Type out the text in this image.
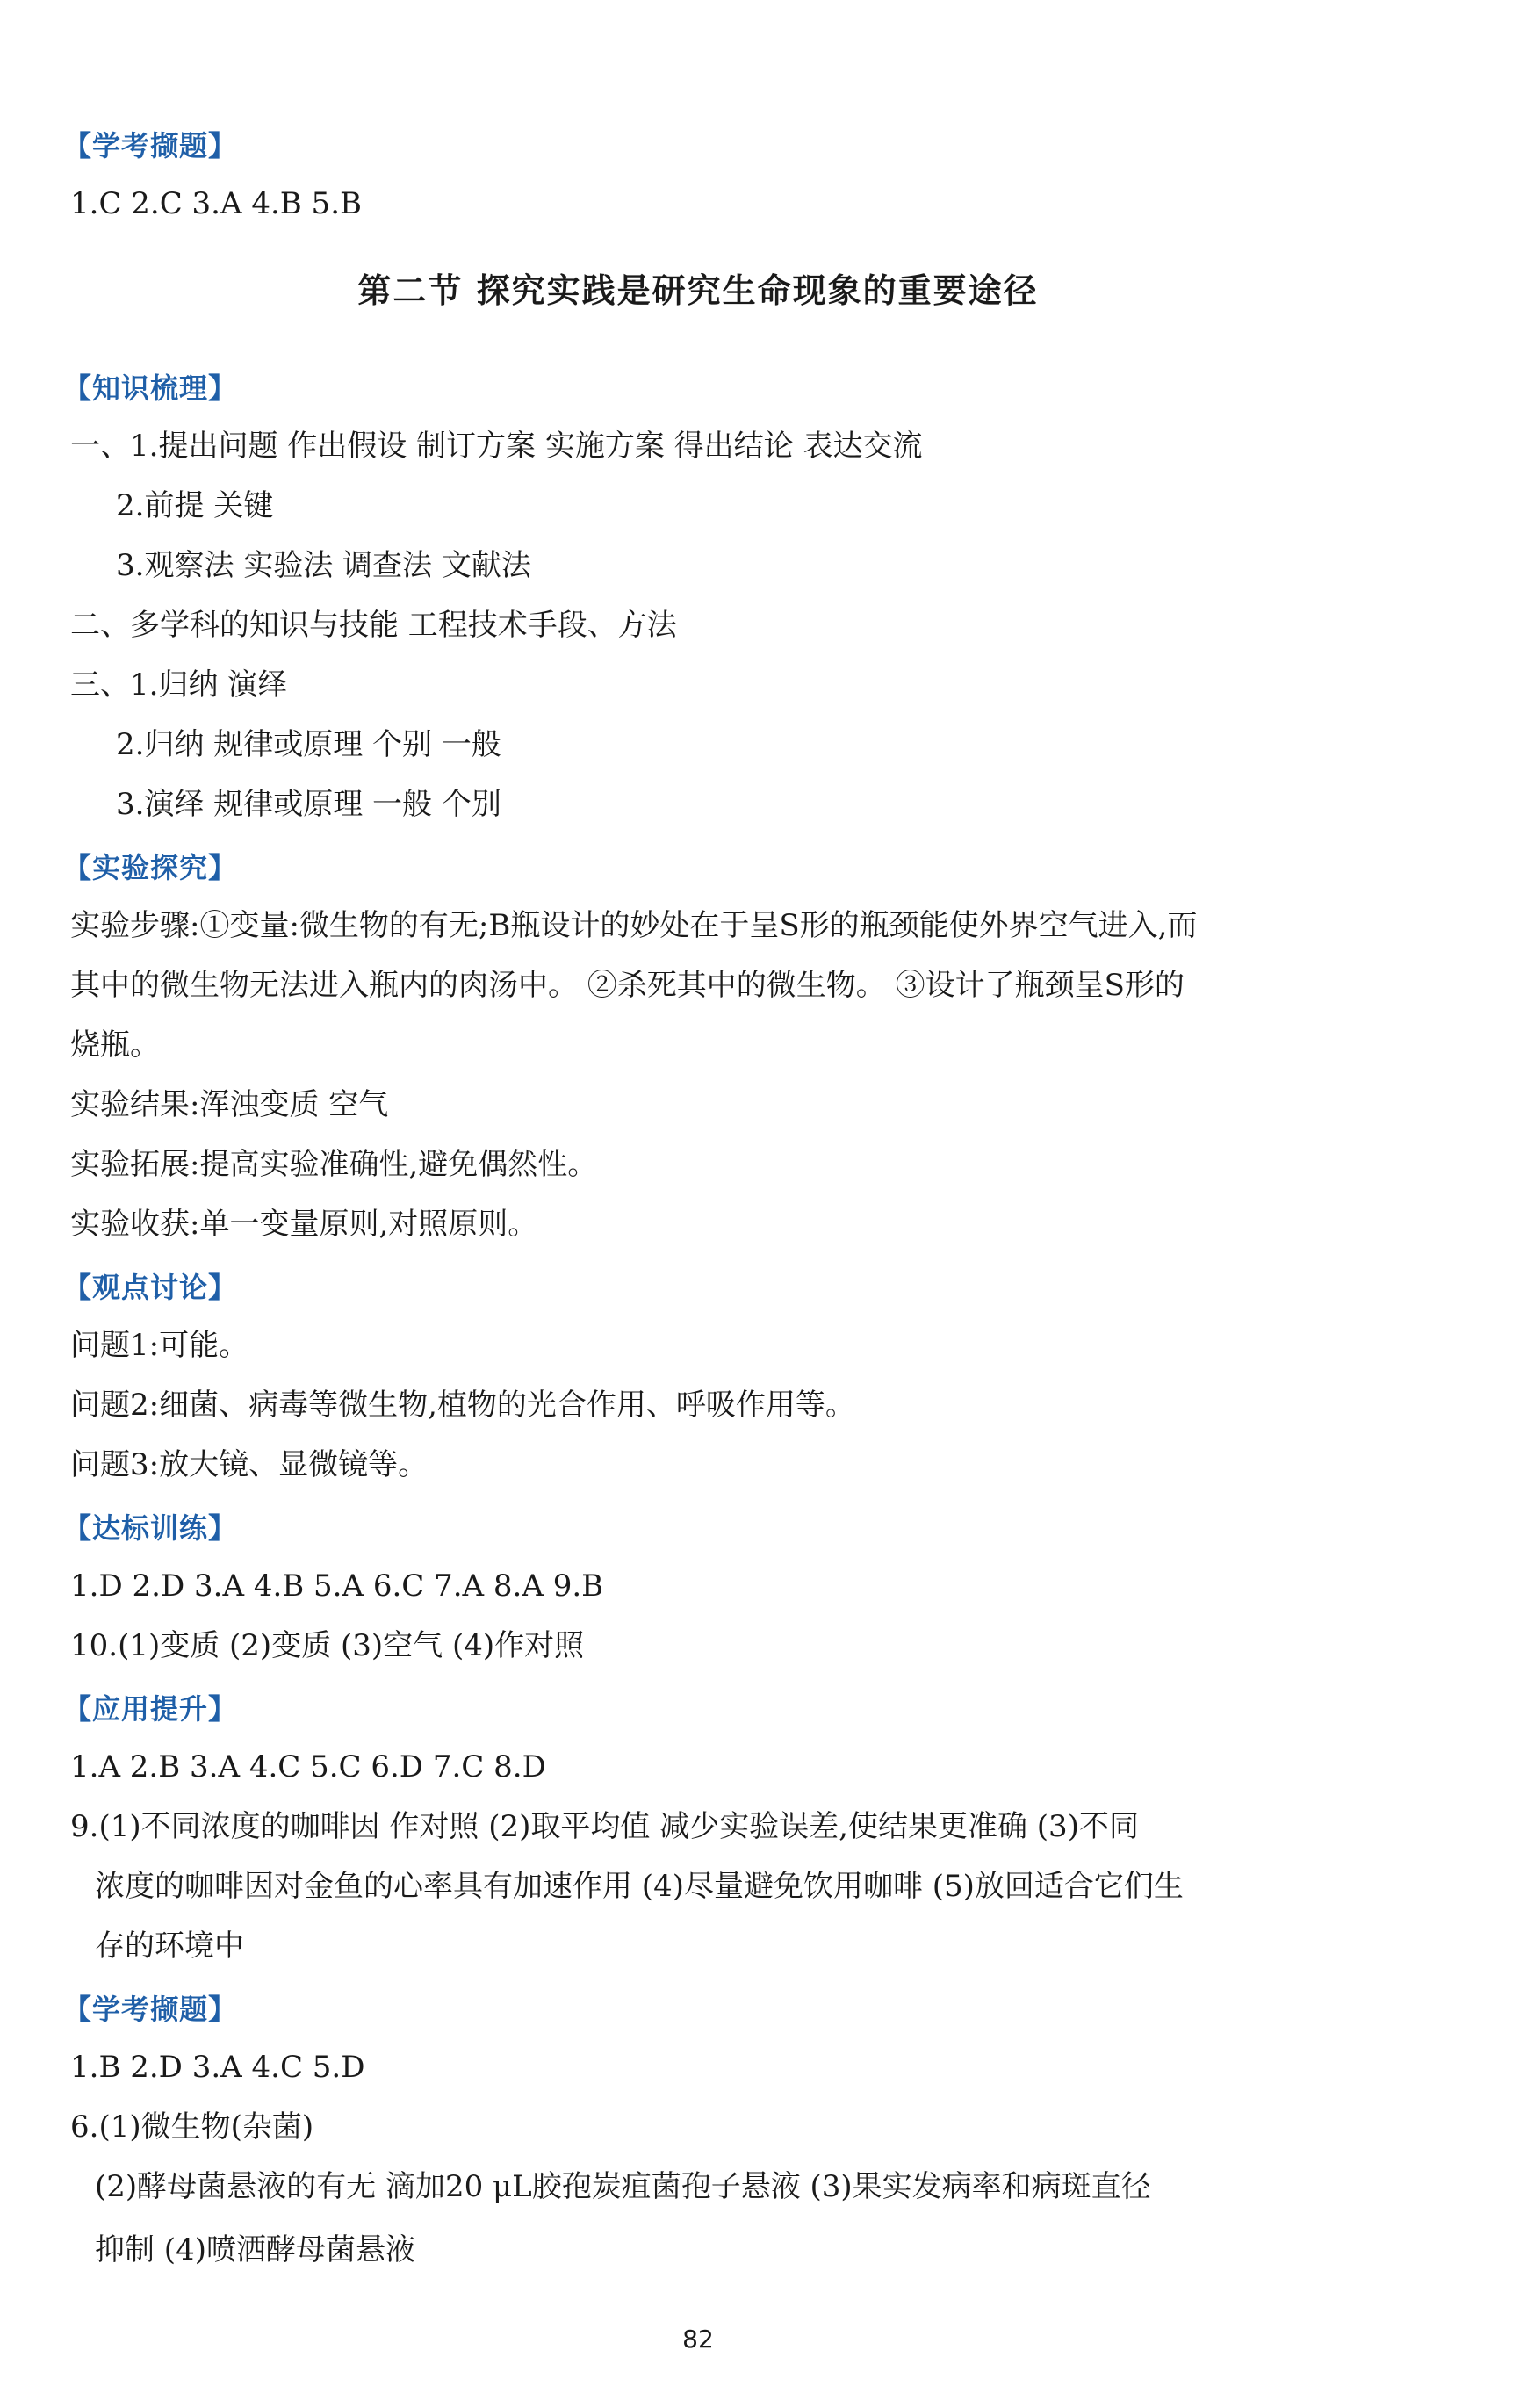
【学考撷题】
1.C 2.C 3.A 4.B 5.B
第二节 探究实践是研究生命现象的重要途径
【知识梳理】
一、1.提出问题 作出假设 制订方案 实施方案 得出结论 表达交流
2.前提 关键
3.观察法 实验法 调查法 文献法
二、多学科的知识与技能 工程技术手段、方法
三、1.归纳 演绎
2.归纳 规律或原理 个别 一般
3.演绎 规律或原理 一般 个别
【实验探究】
实验步骤:①变量:微生物的有无;B瓶设计的妙处在于呈S形的瓶颈能使外界空气进入,而
其中的微生物无法进入瓶内的肉汤中。 ②杀死其中的微生物。 ③设计了瓶颈呈S形的
烧瓶。
实验结果:浑浊变质 空气
实验拓展:提高实验准确性,避免偶然性。
实验收获:单一变量原则,对照原则。
【观点讨论】
问题1:可能。
问题2:细菌、病毒等微生物,植物的光合作用、呼吸作用等。
问题3:放大镜、显微镜等。
【达标训练】
1.D 2.D 3.A 4.B 5.A 6.C 7.A 8.A 9.B
10.(1)变质 (2)变质 (3)空气 (4)作对照
【应用提升】
1.A 2.B 3.A 4.C 5.C 6.D 7.C 8.D
9.(1)不同浓度的咖啡因 作对照 (2)取平均值 减少实验误差,使结果更准确 (3)不同
浓度的咖啡因对金鱼的心率具有加速作用 (4)尽量避免饮用咖啡 (5)放回适合它们生
存的环境中
【学考撷题】
1.B 2.D 3.A 4.C 5.D
6.(1)微生物(杂菌)
(2)酵母菌悬液的有无 滴加20 μL胶孢炭疽菌孢子悬液 (3)果实发病率和病斑直径
抑制 (4)喷洒酵母菌悬液
82
